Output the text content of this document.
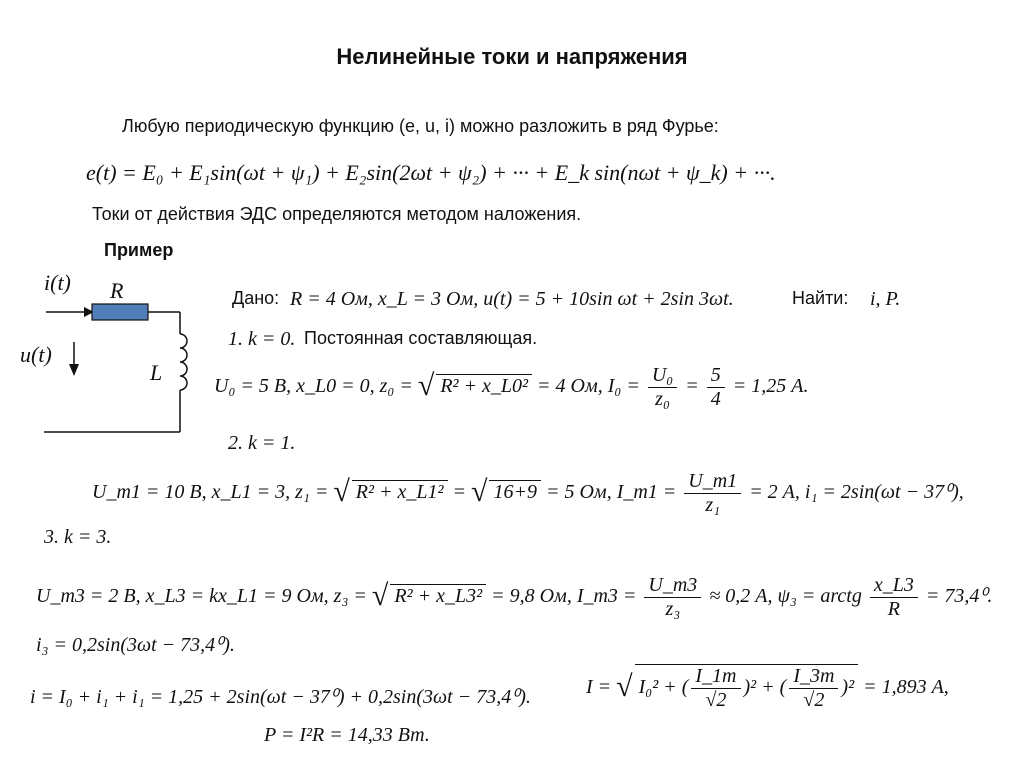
Нелинейные токи и напряжения
Любую периодическую функцию (e, u, i) можно разложить в ряд Фурье:
e(t) = E₀ + E₁sin(ωt + ψ₁) + E₂sin(2ωt + ψ₂) + ··· + E_k sin(nωt + ψ_k) + ···.
Токи от действия ЭДС определяются методом наложения.
Пример
i(t) R
L
u(t)
Дано: R = 4 Ом, x_L = 3 Ом, u(t) = 5 + 10sin ωt + 2sin 3ωt.	Найти: i, P.
1. k = 0. Постоянная составляющая.
U₀ = 5 В, x_L0 = 0, z₀ = √ R² + x_L0² = 4 Ом, $I_0 = \frac{\text{U₀}}{\text{z₀}} = \frac{5}{4} = 1,25$ А.
2. k = 1.
U_m1 = 10 В, x_L1 = 3, z₁ = √ R² + x_L1² = √ 16+9 = 5 Ом, I_m1 = $\frac{U\_m1}{\text{z₁}} = 2$ А, i₁ = 2sin(ωt − 37⁰),
3. k = 3.
U_m3 = 2 В, x_L3 = kx_L1 = 9 Ом, z₃ = √ R² + x_L3² = 9,8 Ом, I_m3 = $\frac{U\_m3}{\text{z₃}} \approx 0,2$ А, ψ₃ = arctg $\frac{x\_L3}{R} = 73,4^0$.
i₃ = 0,2sin(3ωt − 73,4⁰).
i = I₀ + i₁ + i₁ = 1,25 + 2sin(ωt − 37⁰) + 0,2sin(3ωt − 73,4⁰).	I = √ I₀² + ( $\frac{I\_1m}{√2} )^2$ + ( $\frac{I\_3m}{√2} )^2 = 1,893$ А,
P = I²R = 14,33 Вт.
